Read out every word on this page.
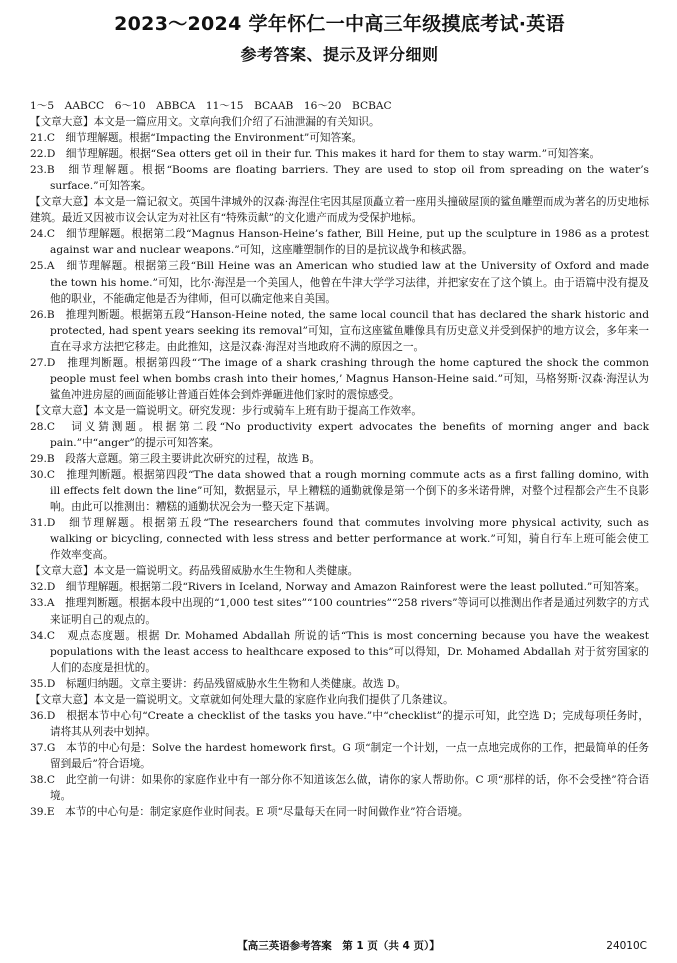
2023～2024 学年怀仁一中高三年级摸底考试·英语
参考答案、提示及评分细则

1～5　AABCC　6～10　ABBCA　11～15　BCAAB　16～20　BCBAC

【文章大意】本文是一篇应用文。文章向我们介绍了石油泄漏的有关知识。

21.C　细节理解题。根据“Impacting the Environment”可知答案。

22.D　细节理解题。根据“Sea otters get oil in their fur. This makes it hard for them to stay warm.”可知答案。

23.B　细节理解题。根据“Booms are floating barriers. They are used to stop oil from spreading on the water’s surface.”可知答案。

【文章大意】本文是一篇记叙文。英国牛津城外的汉森·海涅住宅因其屋顶矗立着一座用头撞破屋顶的鲨鱼雕塑而成为著名的历史地标建筑。最近又因被市议会认定为对社区有“特殊贡献”的文化遗产而成为受保护地标。

24.C　细节理解题。根据第二段“Magnus Hanson-Heine’s father, Bill Heine, put up the sculpture in 1986 as a protest against war and nuclear weapons.”可知，这座雕塑制作的目的是抗议战争和核武器。

25.A　细节理解题。根据第三段“Bill Heine was an American who studied law at the University of Oxford and made the town his home.”可知，比尔·海涅是一个美国人，他曾在牛津大学学习法律，并把家安在了这个镇上。由于语篇中没有提及他的职业，不能确定他是否为律师，但可以确定他来自美国。

26.B　推理判断题。根据第五段“Hanson-Heine noted, the same local council that has declared the shark historic and protected, had spent years seeking its removal”可知，宣布这座鲨鱼雕像具有历史意义并受到保护的地方议会，多年来一直在寻求方法把它移走。由此推知，这是汉森·海涅对当地政府不满的原因之一。

27.D　推理判断题。根据第四段“‘The image of a shark crashing through the home captured the shock the common people must feel when bombs crash into their homes,’ Magnus Hanson-Heine said.”可知，马格努斯·汉森·海涅认为鲨鱼冲进房屋的画面能够让普通百姓体会到炸弹砸进他们家时的震惊感受。

【文章大意】本文是一篇说明文。研究发现：步行或骑车上班有助于提高工作效率。

28.C　词义猜测题。根据第二段“No productivity expert advocates the benefits of morning anger and back pain.”中“anger”的提示可知答案。

29.B　段落大意题。第三段主要讲此次研究的过程，故选 B。

30.C　推理判断题。根据第四段“The data showed that a rough morning commute acts as a first falling domino, with ill effects felt down the line”可知，数据显示，早上糟糕的通勤就像是第一个倒下的多米诺骨牌，对整个过程都会产生不良影响。由此可以推测出：糟糕的通勤状况会为一整天定下基调。

31.D　细节理解题。根据第五段“The researchers found that commutes involving more physical activity, such as walking or bicycling, connected with less stress and better performance at work.”可知，骑自行车上班可能会使工作效率变高。

【文章大意】本文是一篇说明文。药品残留威胁水生生物和人类健康。

32.D　细节理解题。根据第二段“Rivers in Iceland, Norway and Amazon Rainforest were the least polluted.”可知答案。

33.A　推理判断题。根据本段中出现的“1,000 test sites”“100 countries”“258 rivers”等词可以推测出作者是通过列数字的方式来证明自己的观点的。

34.C　观点态度题。根据 Dr. Mohamed Abdallah 所说的话“This is most concerning because you have the weakest populations with the least access to healthcare exposed to this”可以得知，Dr. Mohamed Abdallah 对于贫穷国家的人们的态度是担忧的。

35.D　标题归纳题。文章主要讲：药品残留威胁水生生物和人类健康。故选 D。

【文章大意】本文是一篇说明文。文章就如何处理大量的家庭作业向我们提供了几条建议。

36.D　根据本节中心句“Create a checklist of the tasks you have.”中“checklist”的提示可知，此空选 D；完成每项任务时，请将其从列表中划掉。

37.G　本节的中心句是：Solve the hardest homework first。G 项“制定一个计划，一点一点地完成你的工作，把最简单的任务留到最后”符合语境。

38.C　此空前一句讲：如果你的家庭作业中有一部分你不知道该怎么做，请你的家人帮助你。C 项“那样的话，你不会受挫”符合语境。

39.E　本节的中心句是：制定家庭作业时间表。E 项“尽量每天在同一时间做作业”符合语境。

【高三英语参考答案　第 1 页（共 4 页）】	24010C
